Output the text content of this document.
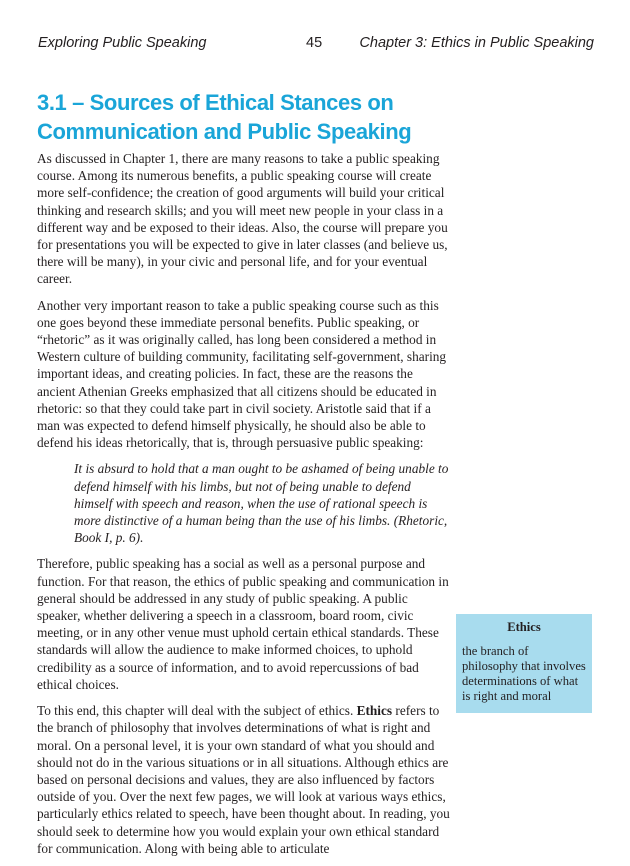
Exploring Public Speaking	45	Chapter 3: Ethics in Public Speaking
3.1 – Sources of Ethical Stances on Communication and Public Speaking

As discussed in Chapter 1, there are many reasons to take a public speaking course. Among its numerous benefits, a public speaking course will create more self-confidence; the creation of good arguments will build your critical thinking and research skills; and you will meet new people in your class in a different way and be exposed to their ideas. Also, the course will prepare you for presentations you will be expected to give in later classes (and believe us, there will be many), in your civic and personal life, and for your eventual career.

Another very important reason to take a public speaking course such as this one goes beyond these immediate personal benefits. Public speaking, or “rhetoric” as it was originally called, has long been considered a method in Western culture of building community, facilitating self-government, sharing important ideas, and creating policies. In fact, these are the reasons the ancient Athenian Greeks emphasized that all citizens should be educated in rhetoric: so that they could take part in civil society. Aristotle said that if a man was expected to defend himself physically, he should also be able to defend his ideas rhetorically, that is, through persuasive public speaking:

It is absurd to hold that a man ought to be ashamed of being unable to defend himself with his limbs, but not of being unable to defend himself with speech and reason, when the use of rational speech is more distinctive of a human being than the use of his limbs. (Rhetoric, Book I, p. 6).

Therefore, public speaking has a social as well as a personal purpose and function. For that reason, the ethics of public speaking and communication in general should be addressed in any study of public speaking. A public speaker, whether delivering a speech in a classroom, board room, civic meeting, or in any other venue must uphold certain ethical standards. These standards will allow the audience to make informed choices, to uphold credibility as a source of information, and to avoid repercussions of bad ethical choices.

To this end, this chapter will deal with the subject of ethics. Ethics refers to the branch of philosophy that involves determinations of what is right and moral. On a personal level, it is your own standard of what you should and should not do in the various situations or in all situations. Although ethics are based on personal decisions and values, they are also influenced by factors outside of you. Over the next few pages, we will look at various ways ethics, particularly ethics related to speech, have been thought about. In reading, you should seek to determine how you would explain your own ethical standard for communication. Along with being able to articulate

Ethics

the branch of philosophy that involves determinations of what is right and moral
